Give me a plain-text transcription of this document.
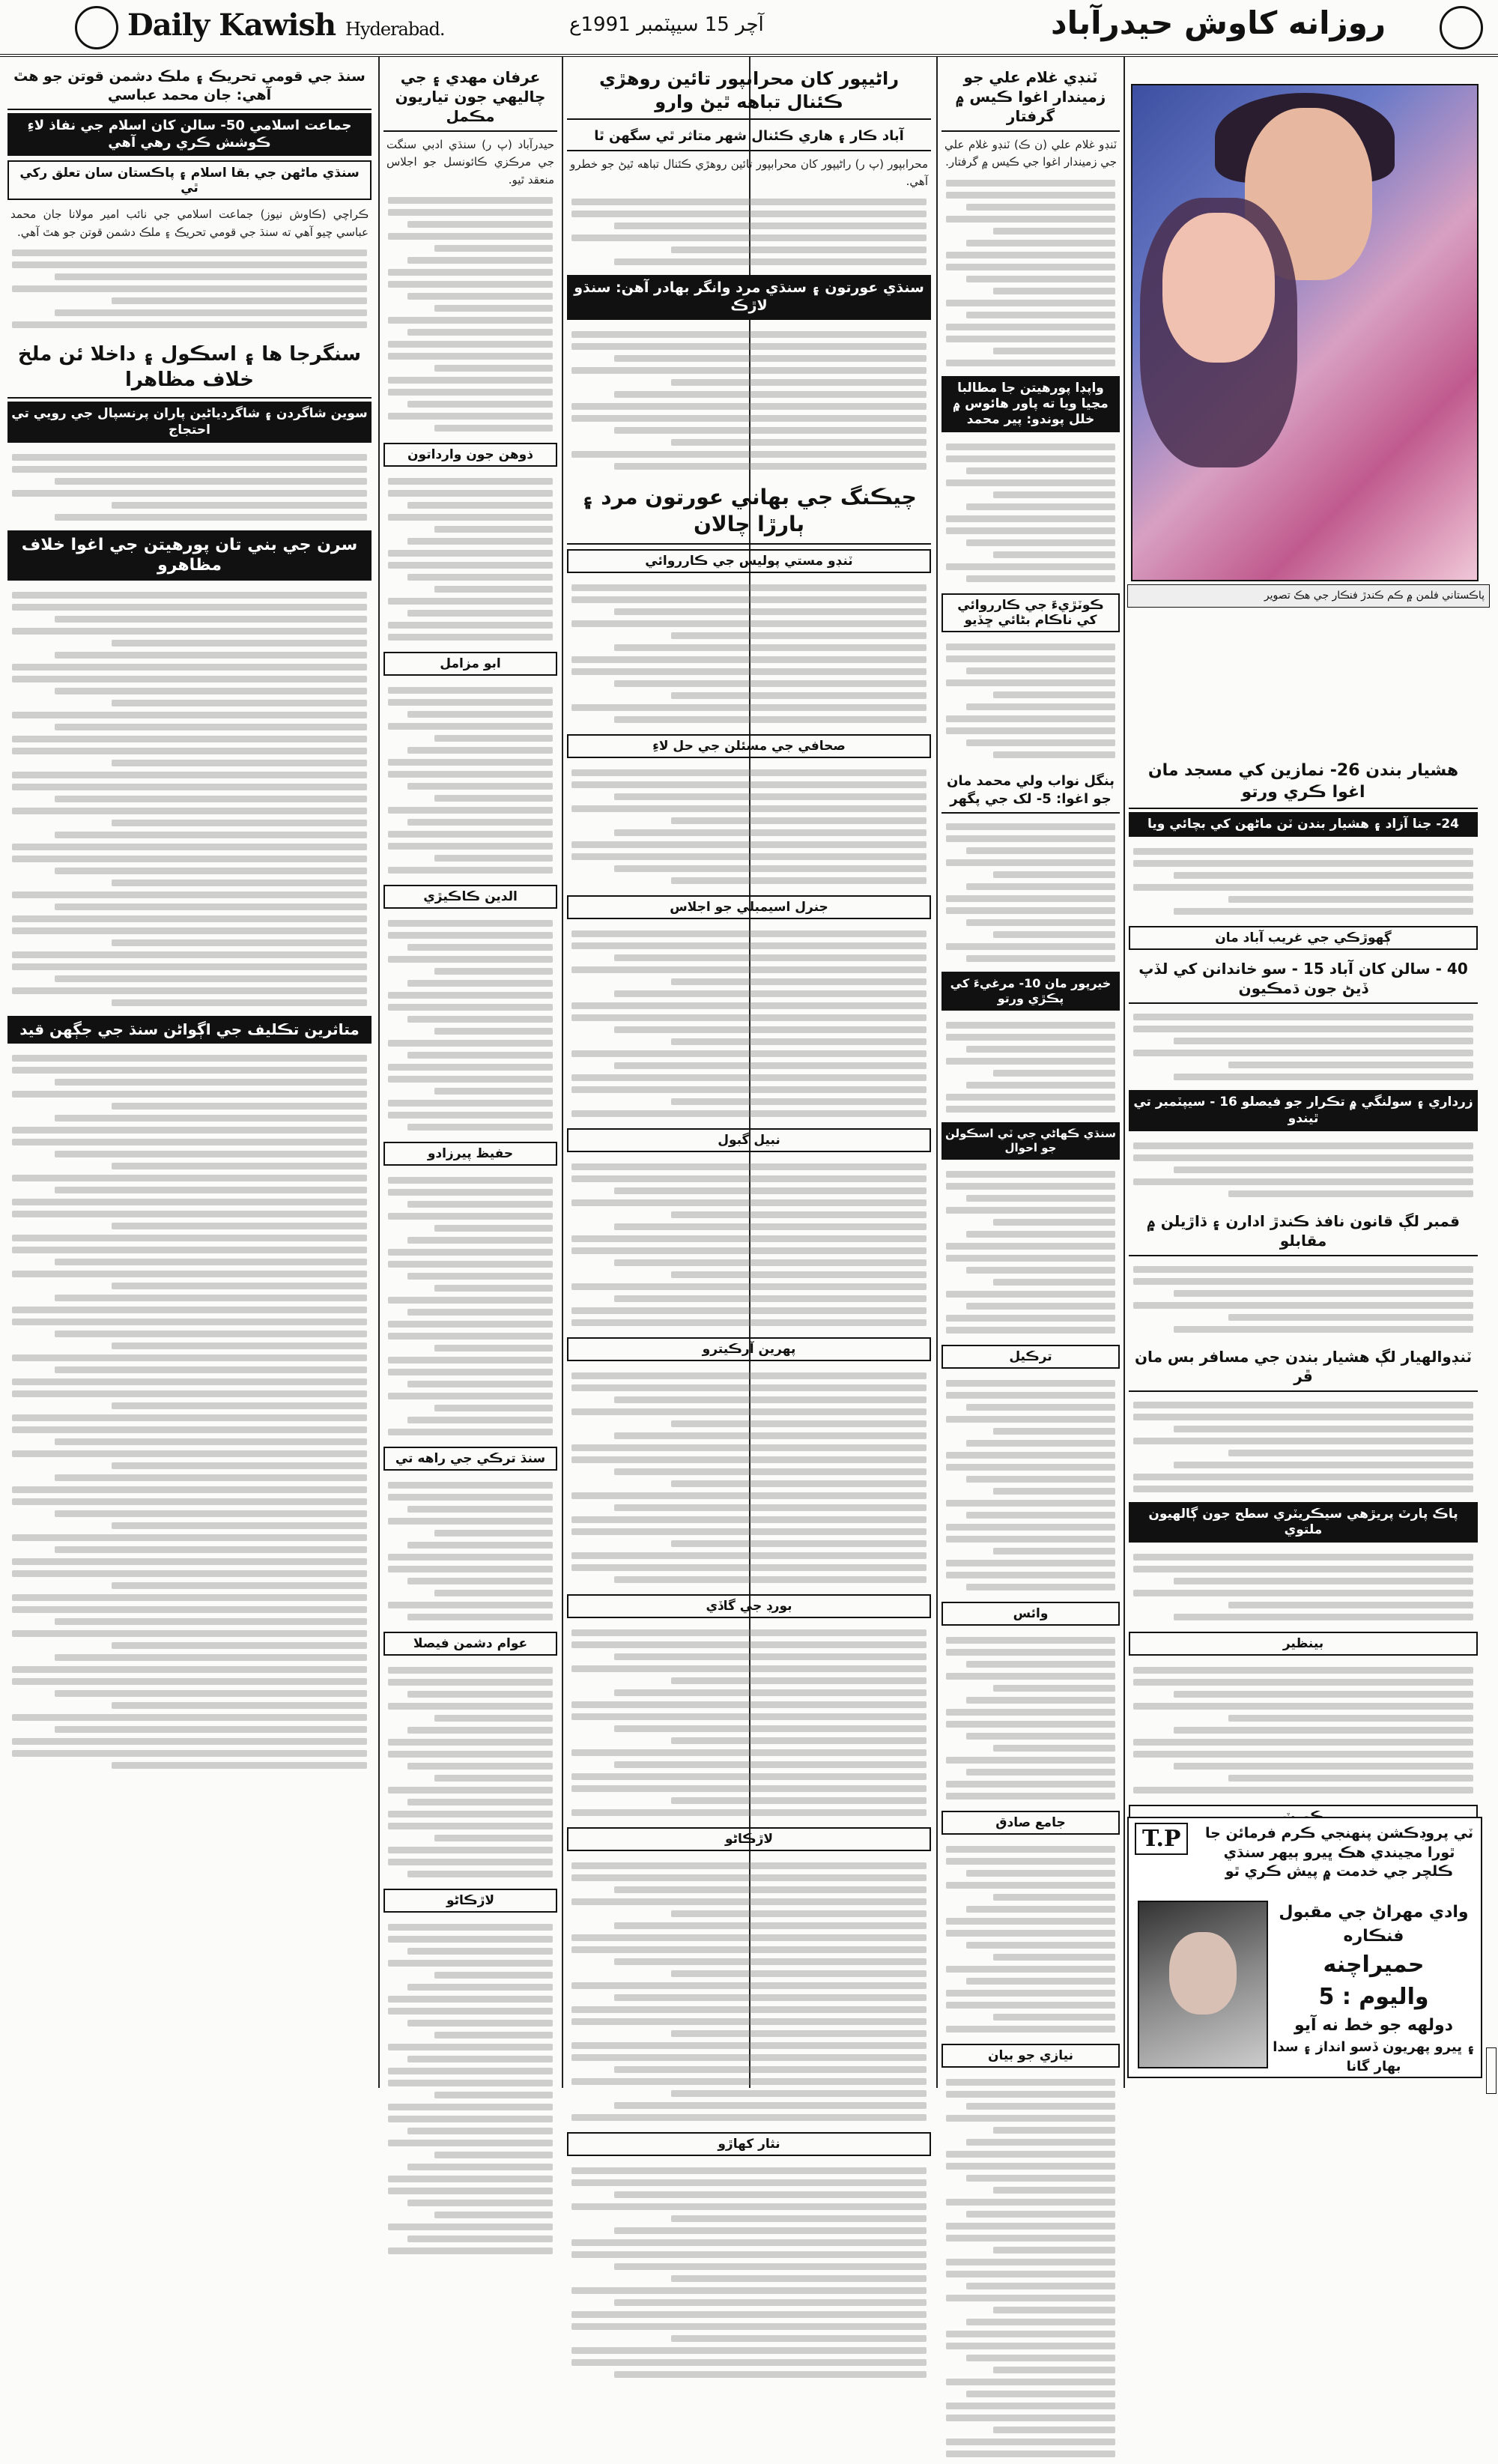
Daily Kawish Hyderabad.	آچر 15 سيپٽمبر 1991ع	روزانه كاوش حيدرآباد
سنڌ جي قومي تحريڪ ۽ ملڪ دشمن قوتن جو هٿ آهي: جان محمد عباسي
جماعت اسلامي 50- سالن کان اسلام جي نفاذ لاءِ ڪوشش ڪري رهي آهي
سنڌي ماڻهن جي بقا اسلام ۽ پاڪستان سان تعلق رکي ٿي
ڪراچي (ڪاوش نيوز) جماعت اسلامي جي نائب امير مولانا جان محمد عباسي چيو آهي ته سنڌ جي قومي تحريڪ ۽ ملڪ دشمن قوتن جو هٿ آهي.
سنگرجا ها ۽ اسڪول ۽ داخلا ئن ملخ خلاف مظاهرا
سوين شاگردن ۽ شاگردياڻين پاران پرنسپال جي رويي تي احتجاج
سرن جي بني تان پورهيتن جي اغوا خلاف مظاهرو
متاثرين تڪليف جي اڳواڻن سنڌ جي جڳهن قيد
عرفان مهدي ۽ جي چاليهي جون تياريون مڪمل
حيدرآباد (پ ر) سنڌي ادبي سنگت جي مرڪزي ڪائونسل جو اجلاس منعقد ٿيو.
ذوهن جون وارداتون
ابو مزامل
الدين ڪاڪيڙي
حفيظ پيرزادو
سنڌ ترڪي جي راهه تي
عوام دشمن فيصلا
لاڙڪاڻو
راڻيپور کان محرابپور تائين روهڙي ڪئنال تباهه ٿيڻ وارو
آباد ڪار ۽ هاري ڪئنال شهر متاثر ٿي سگهن ٿا
محرابپور (پ ر) راڻيپور کان محرابپور تائين روهڙي ڪئنال تباهه ٿيڻ جو خطرو آهي.
سنڌي عورتون ۽ سنڌي مرد وانگر بهادر آهن: سنڌو لاڙڪ
چيڪنگ جي بهاني عورتون مرد ۽ ٻارڙا چالان
ٽنڊو مستي پوليس جي ڪارروائي
صحافي جي مسئلن جي حل لاءِ
جنرل اسيمبلي جو اجلاس
نبيل گبول
پهرين آرڪيترو
بورڊ جي گاڏي
لاڙڪاڻو
نثار کهاڙو
ٽنڊي غلام علي جو زميندار اغوا ڪيس ۾ گرفتار
ٽنڊو غلام علي (ن ڪ) ٽنڊو غلام علي جي زميندار اغوا جي ڪيس ۾ گرفتار.
واپڊا پورهيتن جا مطالبا مڃيا ويا ته پاور هائوس ۾ خلل پوندو: پير محمد
ڪوٽڙيءَ جي ڪارروائي کي ناڪام بڻائي ڇڏيو
ٻنگل نواب ولي محمد مان جو اغوا: 5- لک جي پگهر
خيرپور مان 10- مرغيءَ کي پڪڙي ورتو
سنڌي ڪهاڻي جي ٽي اسڪولن جو احوال
ترڪيل
وائس
جامع صادق
نيازي جو بيان
پاڪستاني فلمن ۾ ڪم ڪندڙ فنڪار جي هڪ تصوير
هشيار بندن 26- نمازين کي مسجد مان اغوا ڪري ورتو
24- جنا آزاد ۽ هشيار بندن ٽن ماڻهن کي بچائي ويا
ڳهوڙڪي جي غريب آباد مان
40 - سالن کان آباد 15 - سو خاندانن کي لڏپ ڏيڻ جون ڌمڪيون
زرداري ۽ سولنگي ۾ تڪرار جو فيصلو 16 - سيپٽمبر تي ٿيندو
قمبر لڳ قانون نافذ ڪندڙ ادارن ۽ ڌاڙيلن ۾ مقابلو
ٽنڊوالهيار لڳ هشيار بندن جي مسافر بس مان ڦر
پاڪ پارٽ پريڙهي سيڪريٽري سطح جون ڳالهيون ملتوي
بينظير
T.P	ٽي پروڊڪشن پنهنجي ڪرم فرمائن جا ٿورا مڃيندي هڪ ڀيرو ٻيهر سنڌي ڪلچر جي خدمت ۾ پيش ڪري ٿو
وادي مهراڻ جي مقبول فنڪاره
حميراچنه
واليوم : 5
دولهه جو خط نه آيو
۽ ڀيرو پهريون ڏسو انداز ۽ سدا بهار گانا
